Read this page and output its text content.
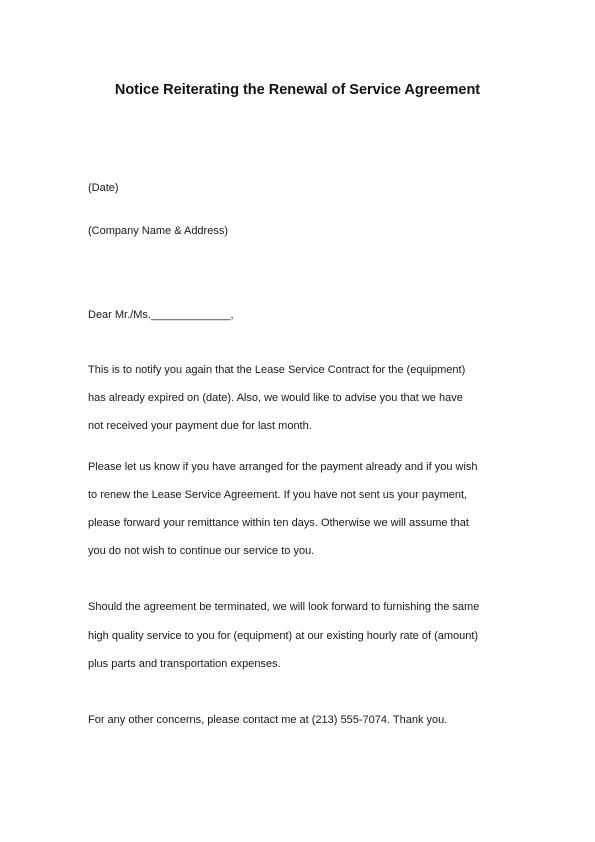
Notice Reiterating the Renewal of Service Agreement
(Date)
(Company Name & Address)
Dear Mr./Ms._____________,
This is to notify you again that the Lease Service Contract for the (equipment)
has already expired on (date). Also, we would like to advise you that we have
not received your payment due for last month.
Please let us know if you have arranged for the payment already and if you wish
to renew the Lease Service Agreement. If you have not sent us your payment,
please forward your remittance within ten days. Otherwise we will assume that
you do not wish to continue our service to you.
Should the agreement be terminated, we will look forward to furnishing the same
high quality service to you for (equipment) at our existing hourly rate of (amount)
plus parts and transportation expenses.
For any other concerns, please contact me at (213) 555-7074. Thank you.
